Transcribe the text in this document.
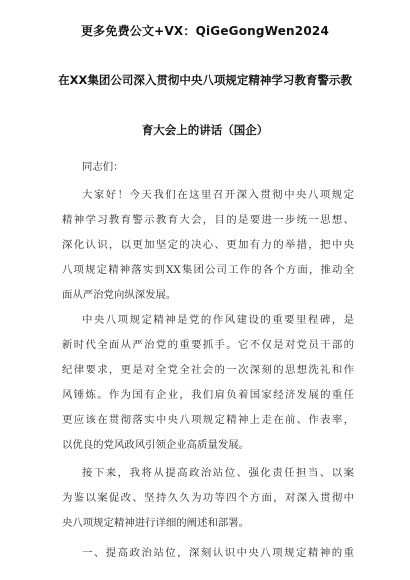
更多免费公文+VX：QiGeGongWen2024
在XX集团公司深入贯彻中央八项规定精神学习教育警示教
育大会上的讲话（国企）
同志们：
大家好！今天我们在这里召开深入贯彻中央八项规定
精神学习教育警示教育大会，目的是要进一步统一思想、
深化认识，以更加坚定的决心、更加有力的举措，把中央
八项规定精神落实到XX集团公司工作的各个方面，推动全
面从严治党向纵深发展。
中央八项规定精神是党的作风建设的重要里程碑，是
新时代全面从严治党的重要抓手。它不仅是对党员干部的
纪律要求，更是对全党全社会的一次深刻的思想洗礼和作
风锤炼。作为国有企业，我们肩负着国家经济发展的重任
更应该在贯彻落实中央八项规定精神上走在前、作表率，
以优良的党风政风引领企业高质量发展。
接下来，我将从提高政治站位、强化责任担当、以案
为鉴以案促改、坚持久久为功等四个方面，对深入贯彻中
央八项规定精神进行详细的阐述和部署。
一、提高政治站位，深刻认识中央八项规定精神的重
